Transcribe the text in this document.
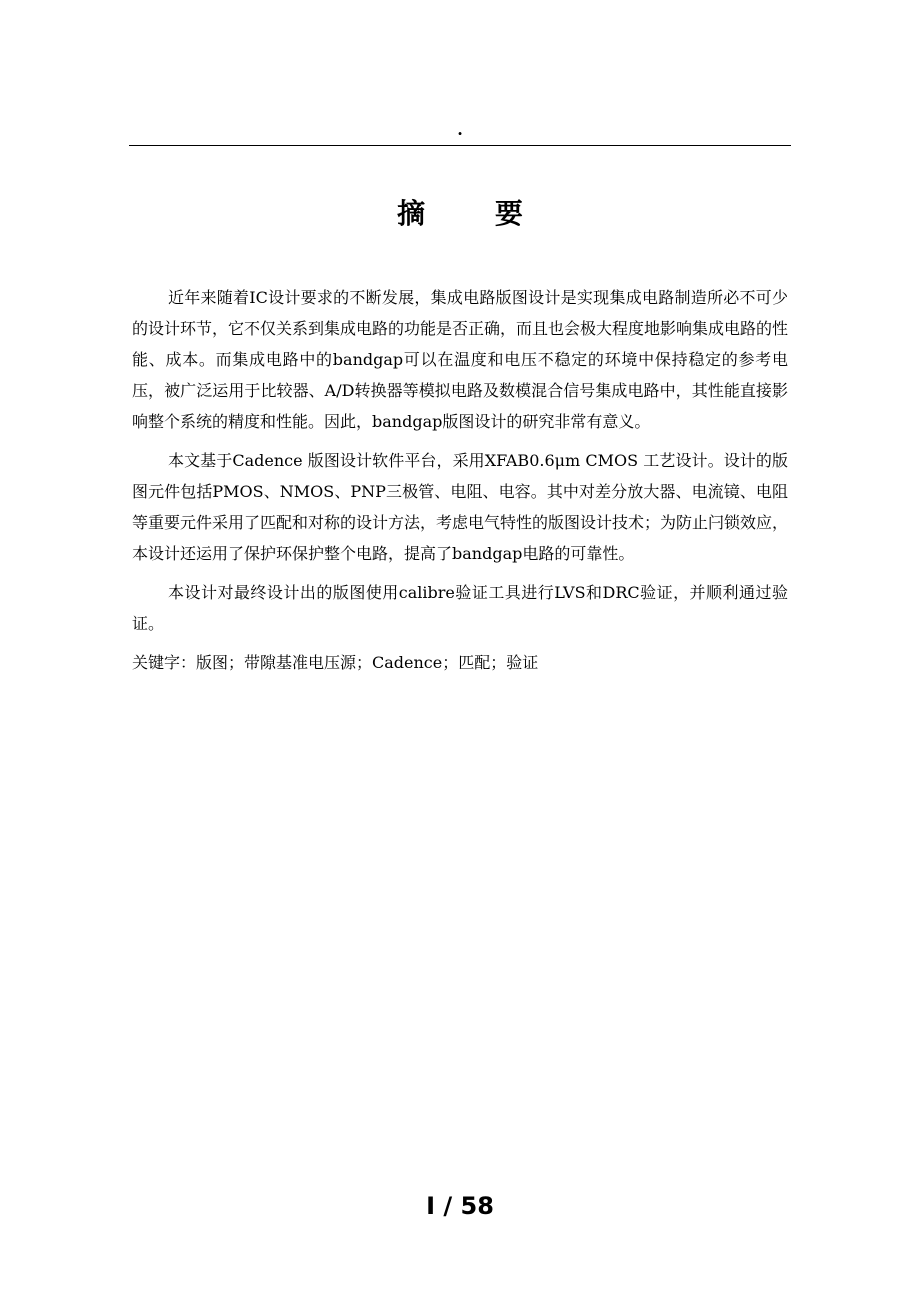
.
摘 要

近年来随着IC设计要求的不断发展，集成电路版图设计是实现集成电路制造所必不可少的设计环节，它不仅关系到集成电路的功能是否正确，而且也会极大程度地影响集成电路的性能、成本。而集成电路中的bandgap可以在温度和电压不稳定的环境中保持稳定的参考电压，被广泛运用于比较器、A/D转换器等模拟电路及数模混合信号集成电路中，其性能直接影响整个系统的精度和性能。因此，bandgap版图设计的研究非常有意义。

本文基于Cadence 版图设计软件平台，采用XFAB0.6μm CMOS 工艺设计。设计的版图元件包括PMOS、NMOS、PNP三极管、电阻、电容。其中对差分放大器、电流镜、电阻等重要元件采用了匹配和对称的设计方法，考虑电气特性的版图设计技术；为防止闩锁效应，本设计还运用了保护环保护整个电路，提高了bandgap电路的可靠性。

本设计对最终设计出的版图使用calibre验证工具进行LVS和DRC验证，并顺利通过验证。

关键字：版图；带隙基准电压源；Cadence；匹配；验证

I / 58
